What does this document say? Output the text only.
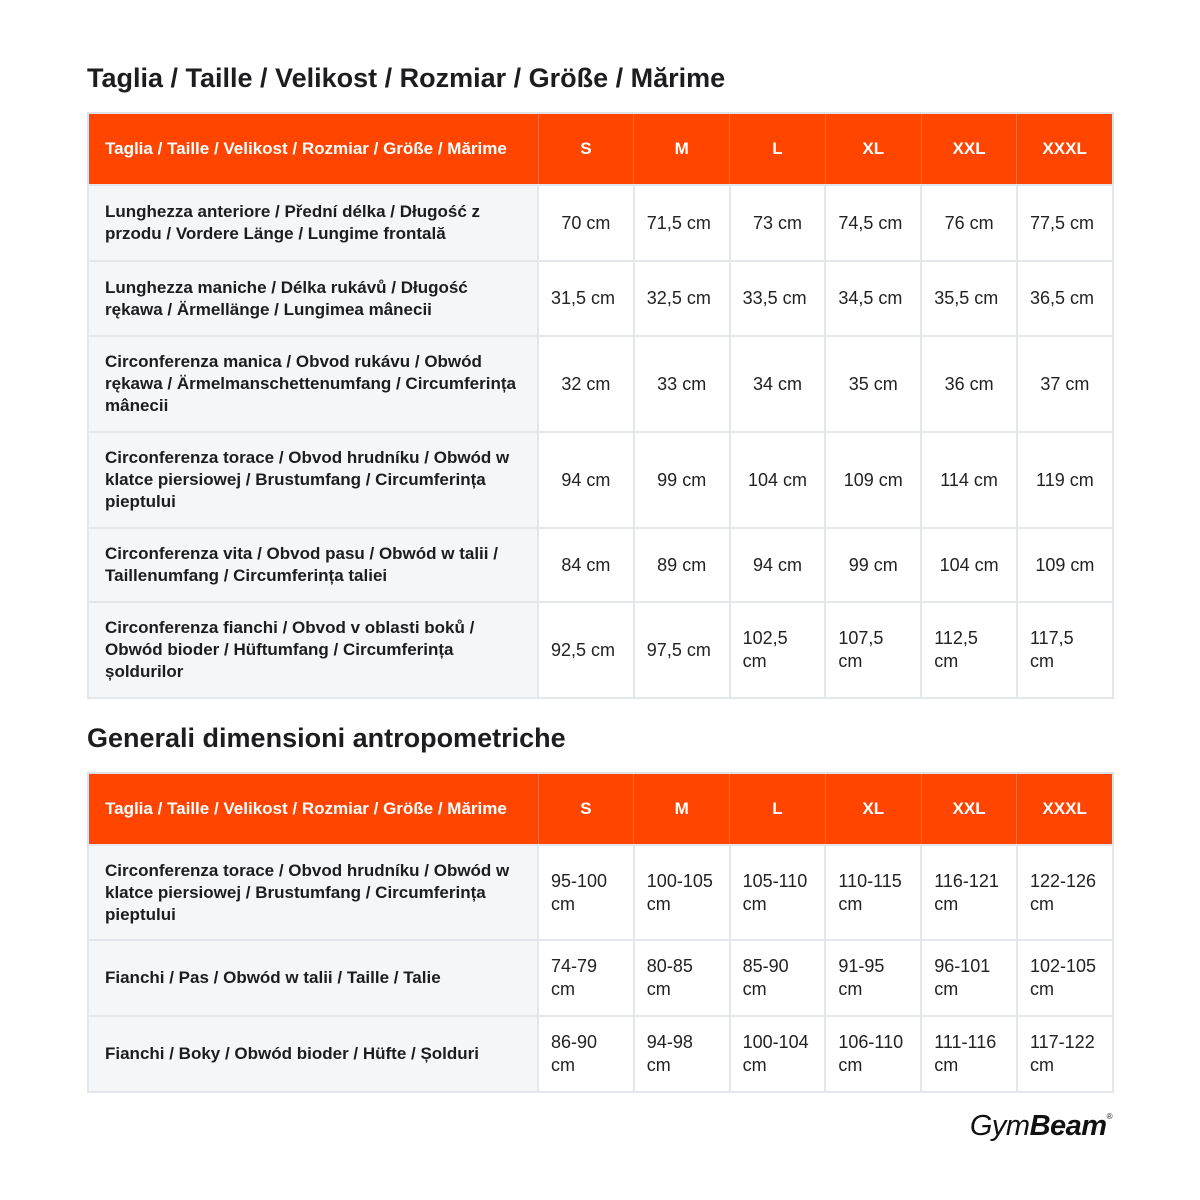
Taglia / Taille / Velikost / Rozmiar / Größe / Mărime
Taglia / Taille / Velikost / Rozmiar / Größe / Mărime	S	M	L	XL	XXL	XXXL
Lunghezza anteriore / Přední délka / Długość z przodu / Vordere Länge / Lungime frontală	70 cm	71,5 cm	73 cm	74,5 cm	76 cm	77,5 cm
Lunghezza maniche / Délka rukávů / Długość rękawa / Ärmellänge / Lungimea mânecii	31,5 cm	32,5 cm	33,5 cm	34,5 cm	35,5 cm	36,5 cm
Circonferenza manica / Obvod rukávu / Obwód rękawa / Ärmelmanschettenumfang / Circumferința mânecii	32 cm	33 cm	34 cm	35 cm	36 cm	37 cm
Circonferenza torace / Obvod hrudníku / Obwód w klatce piersiowej / Brustumfang / Circumferința pieptului	94 cm	99 cm	104 cm	109 cm	114 cm	119 cm
Circonferenza vita / Obvod pasu / Obwód w talii / Taillenumfang / Circumferința taliei	84 cm	89 cm	94 cm	99 cm	104 cm	109 cm
Circonferenza fianchi / Obvod v oblasti boků / Obwód bioder / Hüftumfang / Circumferința șoldurilor	92,5 cm	97,5 cm	102,5 cm	107,5 cm	112,5 cm	117,5 cm
Generali dimensioni antropometriche
Taglia / Taille / Velikost / Rozmiar / Größe / Mărime	S	M	L	XL	XXL	XXXL
Circonferenza torace / Obvod hrudníku / Obwód w klatce piersiowej / Brustumfang / Circumferința pieptului	95-100 cm	100-105 cm	105-110 cm	110-115 cm	116-121 cm	122-126 cm
Fianchi / Pas / Obwód w talii / Taille / Talie	74-79 cm	80-85 cm	85-90 cm	91-95 cm	96-101 cm	102-105 cm
Fianchi / Boky / Obwód bioder / Hüfte / Șolduri	86-90 cm	94-98 cm	100-104 cm	106-110 cm	111-116 cm	117-122 cm
GymBeam®
